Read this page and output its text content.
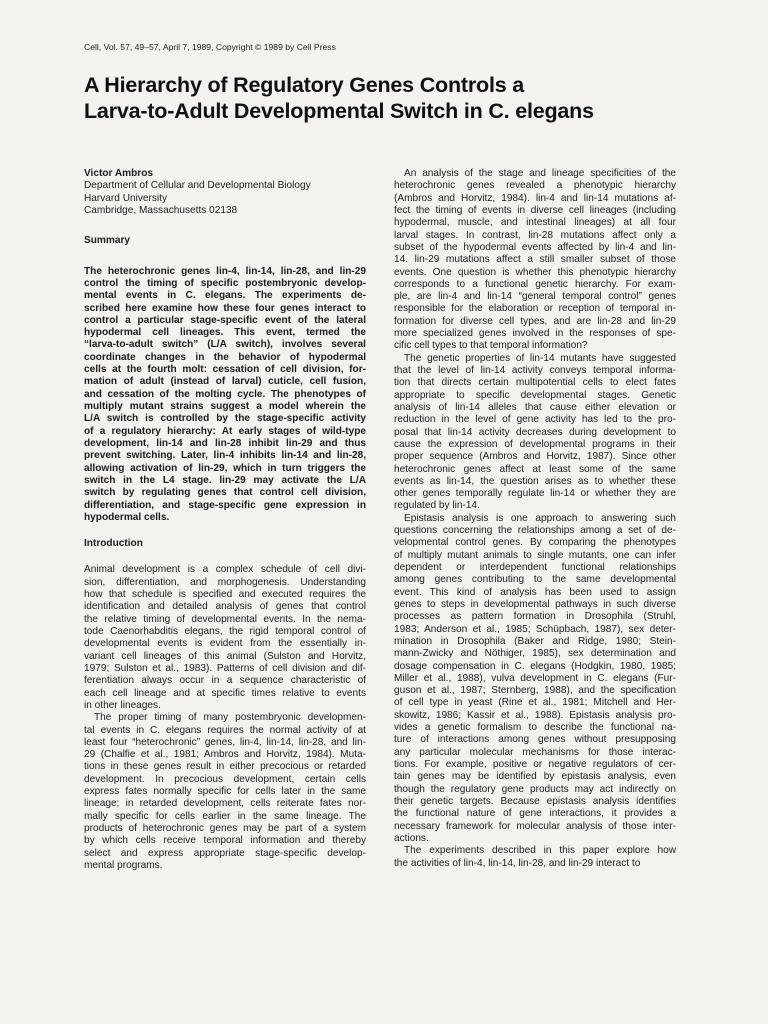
Cell, Vol. 57, 49–57, April 7, 1989, Copyright © 1989 by Cell Press
A Hierarchy of Regulatory Genes Controls a
Larva-to-Adult Developmental Switch in C. elegans
Victor Ambros
Department of Cellular and Developmental Biology
Harvard University
Cambridge, Massachusetts 02138
Summary
The heterochronic genes lin-4, lin-14, lin-28, and lin-29
control the timing of specific postembryonic develop-
mental events in C. elegans. The experiments de-
scribed here examine how these four genes interact to
control a particular stage-specific event of the lateral
hypodermal cell lineages. This event, termed the
“larva-to-adult switch” (L/A switch), involves several
coordinate changes in the behavior of hypodermal
cells at the fourth molt: cessation of cell division, for-
mation of adult (instead of larval) cuticle, cell fusion,
and cessation of the molting cycle. The phenotypes of
multiply mutant strains suggest a model wherein the
L/A switch is controlled by the stage-specific activity
of a regulatory hierarchy: At early stages of wild-type
development, lin-14 and lin-28 inhibit lin-29 and thus
prevent switching. Later, lin-4 inhibits lin-14 and lin-28,
allowing activation of lin-29, which in turn triggers the
switch in the L4 stage. lin-29 may activate the L/A
switch by regulating genes that control cell division,
differentiation, and stage-specific gene expression in
hypodermal cells.
Introduction
Animal development is a complex schedule of cell divi-
sion, differentiation, and morphogenesis. Understanding
how that schedule is specified and executed requires the
identification and detailed analysis of genes that control
the relative timing of developmental events. In the nema-
tode Caenorhabditis elegans, the rigid temporal control of
developmental events is evident from the essentially in-
variant cell lineages of this animal (Sulston and Horvitz,
1979; Sulston et al., 1983). Patterns of cell division and dif-
ferentiation always occur in a sequence characteristic of
each cell lineage and at specific times relative to events
in other lineages.
The proper timing of many postembryonic developmen-
tal events in C. elegans requires the normal activity of at
least four “heterochronic” genes, lin-4, lin-14, lin-28, and lin-
29 (Chalfie et al., 1981; Ambros and Horvitz, 1984). Muta-
tions in these genes result in either precocious or retarded
development. In precocious development, certain cells
express fates normally specific for cells later in the same
lineage; in retarded development, cells reiterate fates nor-
mally specific for cells earlier in the same lineage. The
products of heterochronic genes may be part of a system
by which cells receive temporal information and thereby
select and express appropriate stage-specific develop-
mental programs.
An analysis of the stage and lineage specificities of the
heterochronic genes revealed a phenotypic hierarchy
(Ambros and Horvitz, 1984). lin-4 and lin-14 mutations af-
fect the timing of events in diverse cell lineages (including
hypodermal, muscle, and intestinal lineages) at all four
larval stages. In contrast, lin-28 mutations affect only a
subset of the hypodermal events affected by lin-4 and lin-
14. lin-29 mutations affect a still smaller subset of those
events. One question is whether this phenotypic hierarchy
corresponds to a functional genetic hierarchy. For exam-
ple, are lin-4 and lin-14 “general temporal control” genes
responsible for the elaboration or reception of temporal in-
formation for diverse cell types, and are lin-28 and lin-29
more specialized genes involved in the responses of spe-
cific cell types to that temporal information?
The genetic properties of lin-14 mutants have suggested
that the level of lin-14 activity conveys temporal informa-
tion that directs certain multipotential cells to elect fates
appropriate to specific developmental stages. Genetic
analysis of lin-14 alleles that cause either elevation or
reduction in the level of gene activity has led to the pro-
posal that lin-14 activity decreases during development to
cause the expression of developmental programs in their
proper sequence (Ambros and Horvitz, 1987). Since other
heterochronic genes affect at least some of the same
events as lin-14, the question arises as to whether these
other genes temporally regulate lin-14 or whether they are
regulated by lin-14.
Epistasis analysis is one approach to answering such
questions concerning the relationships among a set of de-
velopmental control genes. By comparing the phenotypes
of multiply mutant animals to single mutants, one can infer
dependent or interdependent functional relationships
among genes contributing to the same developmental
event. This kind of analysis has been used to assign
genes to steps in developmental pathways in such diverse
processes as pattern formation in Drosophila (Struhl,
1983; Anderson et al., 1985; Schüpbach, 1987), sex deter-
mination in Drosophila (Baker and Ridge, 1980; Stein-
mann-Zwicky and Nöthiger, 1985), sex determination and
dosage compensation in C. elegans (Hodgkin, 1980, 1985;
Miller et al., 1988), vulva development in C. elegans (Fur-
guson et al., 1987; Sternberg, 1988), and the specification
of cell type in yeast (Rine et al., 1981; Mitchell and Her-
skowitz, 1986; Kassir et al., 1988). Epistasis analysis pro-
vides a genetic formalism to describe the functional na-
ture of interactions among genes without presupposing
any particular molecular mechanisms for those interac-
tions. For example, positive or negative regulators of cer-
tain genes may be identified by epistasis analysis, even
though the regulatory gene products may act indirectly on
their genetic targets. Because epistasis analysis identifies
the functional nature of gene interactions, it provides a
necessary framework for molecular analysis of those inter-
actions.
The experiments described in this paper explore how
the activities of lin-4, lin-14, lin-28, and lin-29 interact to
